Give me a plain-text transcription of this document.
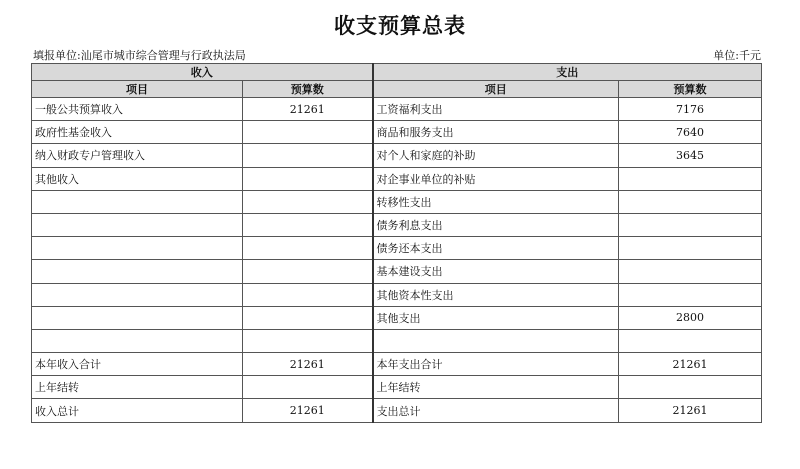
收支预算总表
填报单位:汕尾市城市综合管理与行政执法局	单位:千元
收入		支出	
项目	预算数	项目	预算数
一般公共预算收入	21261	工资福利支出	7176
政府性基金收入		商品和服务支出	7640
纳入财政专户管理收入		对个人和家庭的补助	3645
其他收入		对企事业单位的补贴	
		转移性支出	
		债务利息支出	
		债务还本支出	
		基本建设支出	
		其他资本性支出	
		其他支出	2800

本年收入合计	21261	本年支出合计	21261
上年结转		上年结转	
收入总计	21261	支出总计	21261
